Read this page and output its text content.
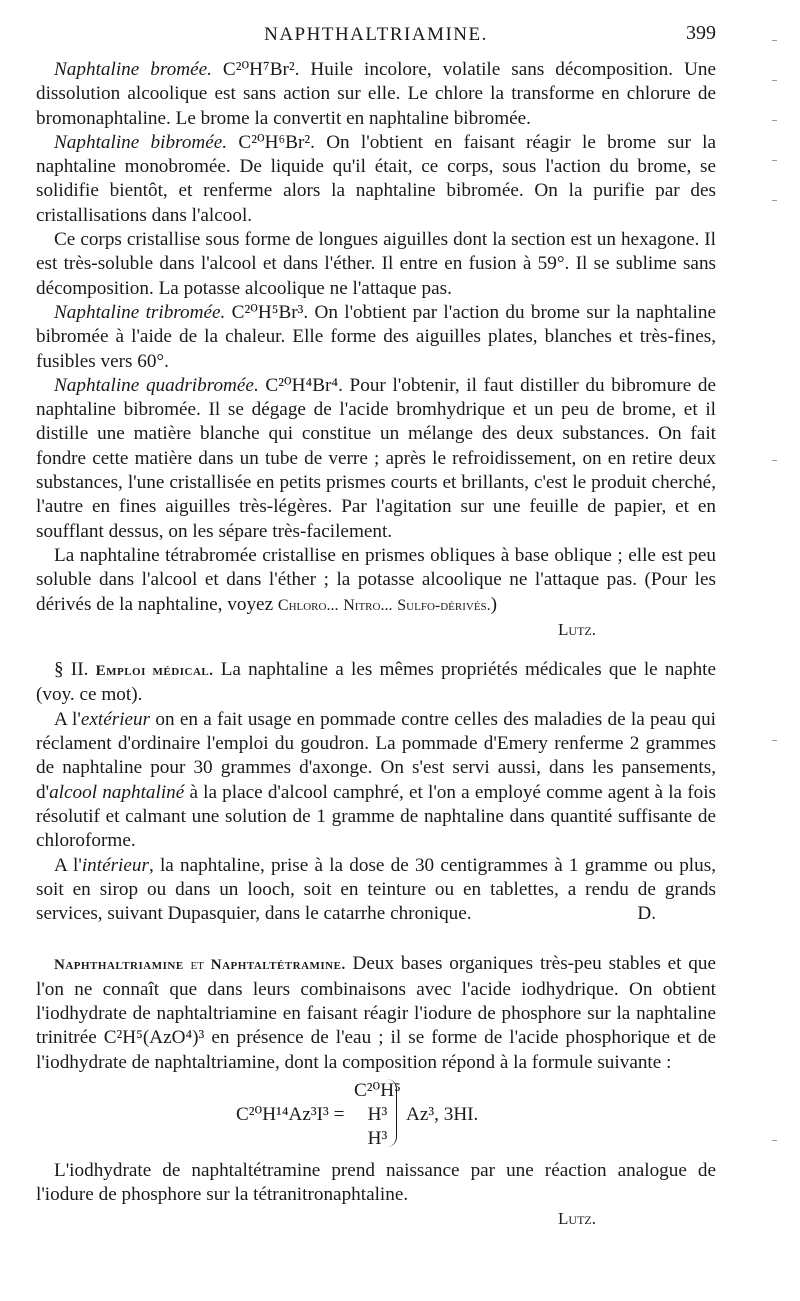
NAPHTHALTRIAMINE.	399

Naphtaline bromée. C²⁰H⁷Br². Huile incolore, volatile sans décomposition. Une dissolution alcoolique est sans action sur elle. Le chlore la transforme en chlorure de bromonaphtaline. Le brome la convertit en naphtaline bibromée.

Naphtaline bibromée. C²⁰H⁶Br². On l'obtient en faisant réagir le brome sur la naphtaline monobromée. De liquide qu'il était, ce corps, sous l'action du brome, se solidifie bientôt, et renferme alors la naphtaline bibromée. On la purifie par des cristallisations dans l'alcool.

Ce corps cristallise sous forme de longues aiguilles dont la section est un hexagone. Il est très-soluble dans l'alcool et dans l'éther. Il entre en fusion à 59°. Il se sublime sans décomposition. La potasse alcoolique ne l'attaque pas.

Naphtaline tribromée. C²⁰H⁵Br³. On l'obtient par l'action du brome sur la naphtaline bibromée à l'aide de la chaleur. Elle forme des aiguilles plates, blanches et très-fines, fusibles vers 60°.

Naphtaline quadribromée. C²⁰H⁴Br⁴. Pour l'obtenir, il faut distiller du bibromure de naphtaline bibromée. Il se dégage de l'acide bromhydrique et un peu de brome, et il distille une matière blanche qui constitue un mélange des deux substances. On fait fondre cette matière dans un tube de verre ; après le refroidissement, on en retire deux substances, l'une cristallisée en petits prismes courts et brillants, c'est le produit cherché, l'autre en fines aiguilles très-légères. Par l'agitation sur une feuille de papier, et en soufflant dessus, on les sépare très-facilement.

La naphtaline tétrabromée cristallise en prismes obliques à base oblique ; elle est peu soluble dans l'alcool et dans l'éther ; la potasse alcoolique ne l'attaque pas. (Pour les dérivés de la naphtaline, voyez Chloro... Nitro... Sulfo-dérivés.)

Lutz.

§ II. Emploi médical. La naphtaline a les mêmes propriétés médicales que le naphte (voy. ce mot).

A l'extérieur on en a fait usage en pommade contre celles des maladies de la peau qui réclament d'ordinaire l'emploi du goudron. La pommade d'Emery renferme 2 grammes de naphtaline pour 30 grammes d'axonge. On s'est servi aussi, dans les pansements, d'alcool naphtaliné à la place d'alcool camphré, et l'on a employé comme agent à la fois résolutif et calmant une solution de 1 gramme de naphtaline dans quantité suffisante de chloroforme.

A l'intérieur, la naphtaline, prise à la dose de 30 centigrammes à 1 gramme ou plus, soit en sirop ou dans un looch, soit en teinture ou en tablettes, a rendu de grands services, suivant Dupasquier, dans le catarrhe chronique.	D.

Naphthaltriamine et Naphtaltétramine. Deux bases organiques très-peu stables et que l'on ne connaît que dans leurs combinaisons avec l'acide iodhydrique. On obtient l'iodhydrate de naphtaltriamine en faisant réagir l'iodure de phosphore sur la naphtaline trinitrée C²H⁵(AzO⁴)³ en présence de l'eau ; il se forme de l'acide phosphorique et de l'iodhydrate de naphtaltriamine, dont la composition répond à la formule suivante :

C²⁰H¹⁴Az³I³ =
C²⁰H⁵
H³
H³
Az³, 3HI.

L'iodhydrate de naphtaltétramine prend naissance par une réaction analogue de l'iodure de phosphore sur la tétranitronaphtaline.

Lutz.
